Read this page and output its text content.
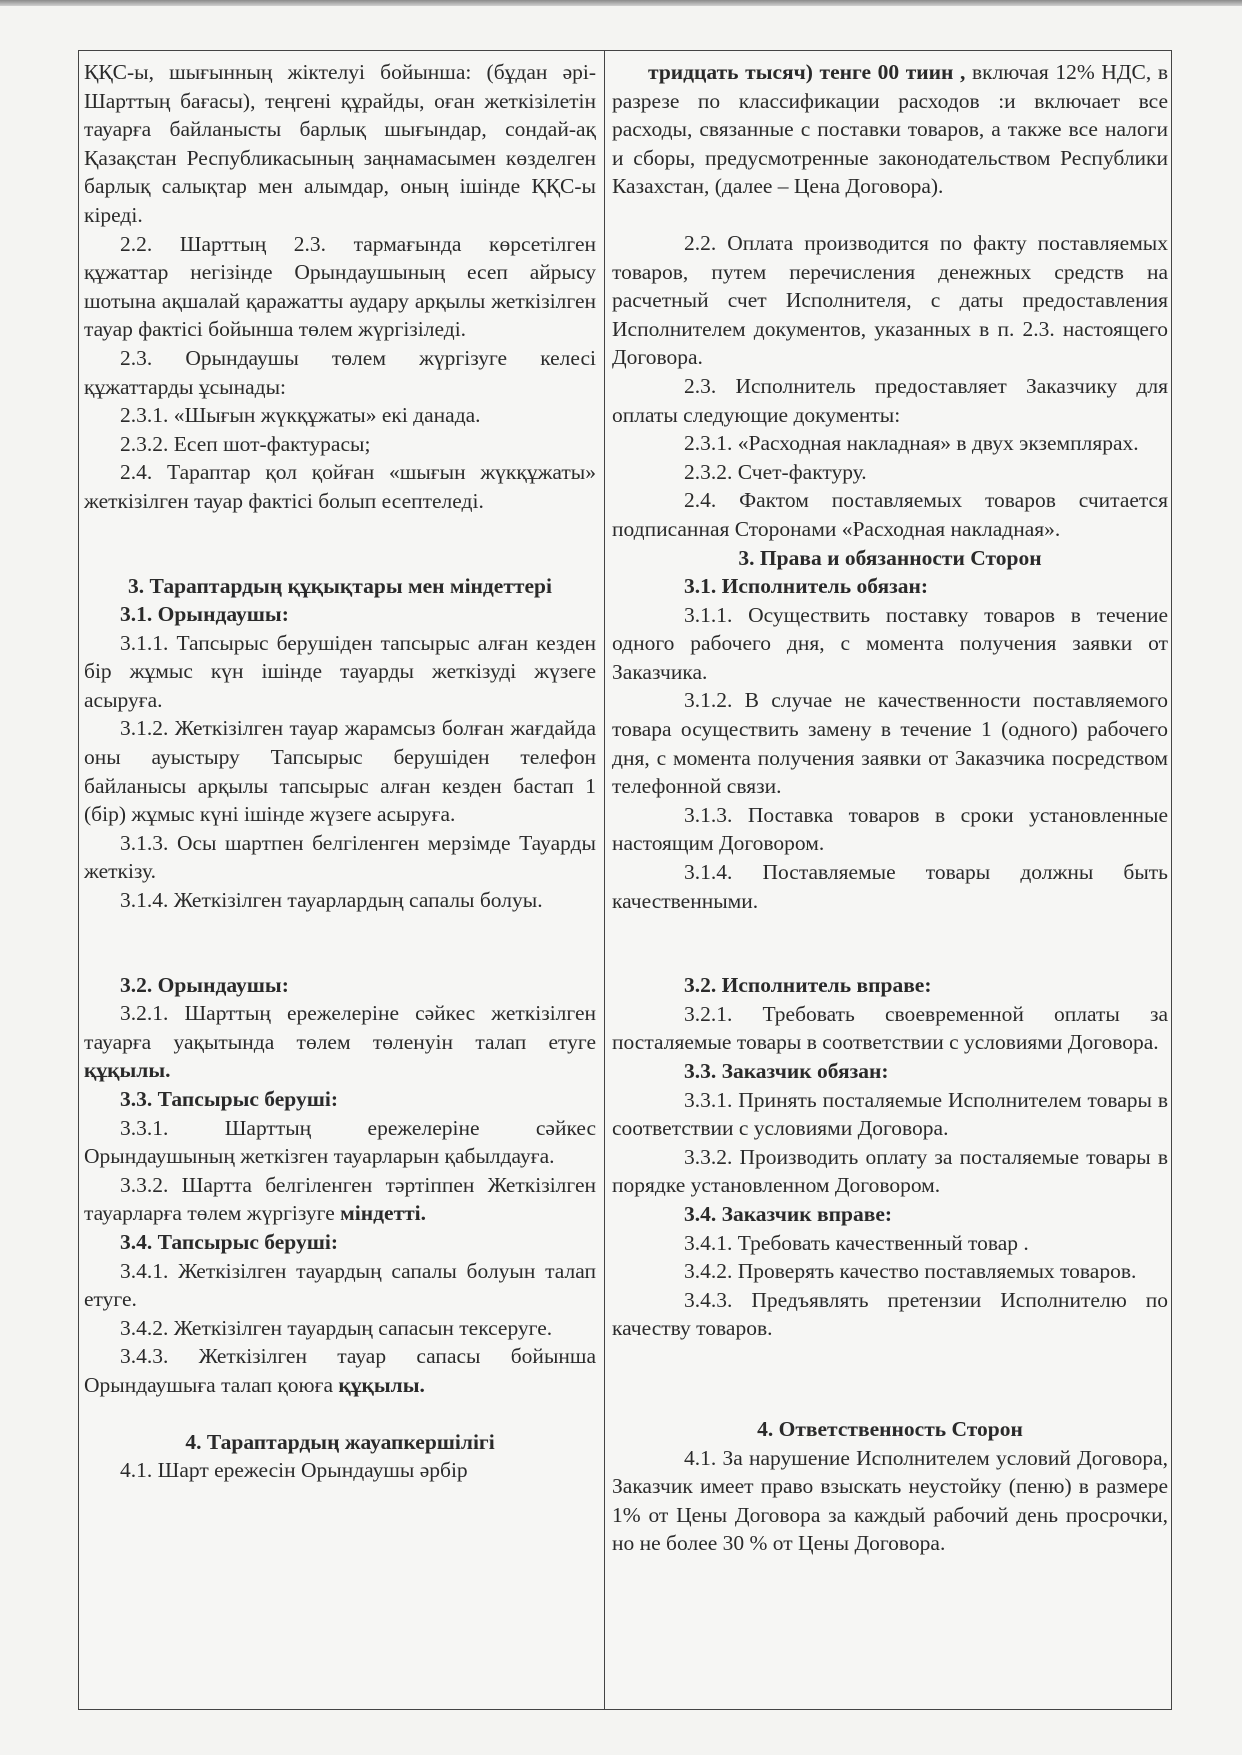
ҚҚС-ы, шығынның жіктелуі бойынша: (бұдан әрі-Шарттың бағасы), теңгені құрайды, оған жеткізілетін тауарға байланысты барлық шығындар, сондай-ақ Қазақстан Республикасының заңнамасымен көзделген барлық салықтар мен алымдар, оның ішінде ҚҚС-ы кіреді.

2.2. Шарттың 2.3. тармағында көрсетілген құжаттар негізінде Орындаушының есеп айрысу шотына ақшалай қаражатты аудару арқылы жеткізілген тауар фактісі бойынша төлем жүргізіледі.

2.3. Орындаушы төлем жүргізуге келесі құжаттарды ұсынады:

2.3.1. «Шығын жүкқұжаты» екі данада.

2.3.2. Есеп шот-фактурасы;

2.4. Тараптар қол қойған «шығын жүкқұжаты» жеткізілген тауар фактісі болып есептеледі.

3. Тараптардың құқықтары мен міндеттері

3.1. Орындаушы:

3.1.1. Тапсырыс берушіден тапсырыс алған кезден бір жұмыс күн ішінде тауарды жеткізуді жүзеге асыруға.

3.1.2. Жеткізілген тауар жарамсыз болған жағдайда оны ауыстыру Тапсырыс берушіден телефон байланысы арқылы тапсырыс алған кезден бастап 1 (бір) жұмыс күні ішінде жүзеге асыруға.

3.1.3. Осы шартпен белгіленген мерзімде Тауарды жеткізу.

3.1.4. Жеткізілген тауарлардың сапалы болуы.

3.2. Орындаушы:

3.2.1. Шарттың ережелеріне сәйкес жеткізілген тауарға уақытында төлем төленуін талап етуге құқылы.

3.3. Тапсырыс беруші:

3.3.1. Шарттың ережелеріне сәйкес Орындаушының жеткізген тауарларын қабылдауға.

3.3.2. Шартта белгіленген тәртіппен Жеткізілген тауарларға төлем жүргізуге міндетті.

3.4. Тапсырыс беруші:

3.4.1. Жеткізілген тауардың сапалы болуын талап етуге.

3.4.2. Жеткізілген тауардың сапасын тексеруге.

3.4.3. Жеткізілген тауар сапасы бойынша Орындаушыға талап қоюға құқылы.

4. Тараптардың жауапкершілігі

4.1. Шарт ережесін Орындаушы әрбір

тридцать тысяч) тенге 00 тиин , включая 12% НДС, в разрезе по классификации расходов :и включает все расходы, связанные с поставки товаров, а также все налоги и сборы, предусмотренные законодательством Республики Казахстан, (далее – Цена Договора).

2.2. Оплата производится по факту поставляемых товаров, путем перечисления денежных средств на расчетный счет Исполнителя, с даты предоставления Исполнителем документов, указанных в п. 2.3. настоящего Договора.

2.3. Исполнитель предоставляет Заказчику для оплаты следующие документы:

2.3.1. «Расходная накладная» в двух экземплярах.

2.3.2. Счет-фактуру.

2.4. Фактом поставляемых товаров считается подписанная Сторонами «Расходная накладная».

3. Права и обязанности Сторон

3.1. Исполнитель обязан:

3.1.1. Осуществить поставку товаров в течение одного рабочего дня, с момента получения заявки от Заказчика.

3.1.2. В случае не качественности поставляемого товара осуществить замену в течение 1 (одного) рабочего дня, с момента получения заявки от Заказчика посредством телефонной связи.

3.1.3. Поставка товаров в сроки установленные настоящим Договором.

3.1.4. Поставляемые товары должны быть качественными.

3.2. Исполнитель вправе:

3.2.1. Требовать своевременной оплаты за посталяемые товары в соответствии с условиями Договора.

3.3. Заказчик обязан:

3.3.1. Принять посталяемые Исполнителем товары в соответствии с условиями Договора.

3.3.2. Производить оплату за посталяемые товары в порядке установленном Договором.

3.4. Заказчик вправе:

3.4.1. Требовать качественный товар .

3.4.2. Проверять качество поставляемых товаров.

3.4.3. Предъявлять претензии Исполнителю по качеству товаров.

4. Ответственность Сторон

4.1. За нарушение Исполнителем условий Договора, Заказчик имеет право взыскать неустойку (пеню) в размере 1% от Цены Договора за каждый рабочий день просрочки, но не более 30 % от Цены Договора.
